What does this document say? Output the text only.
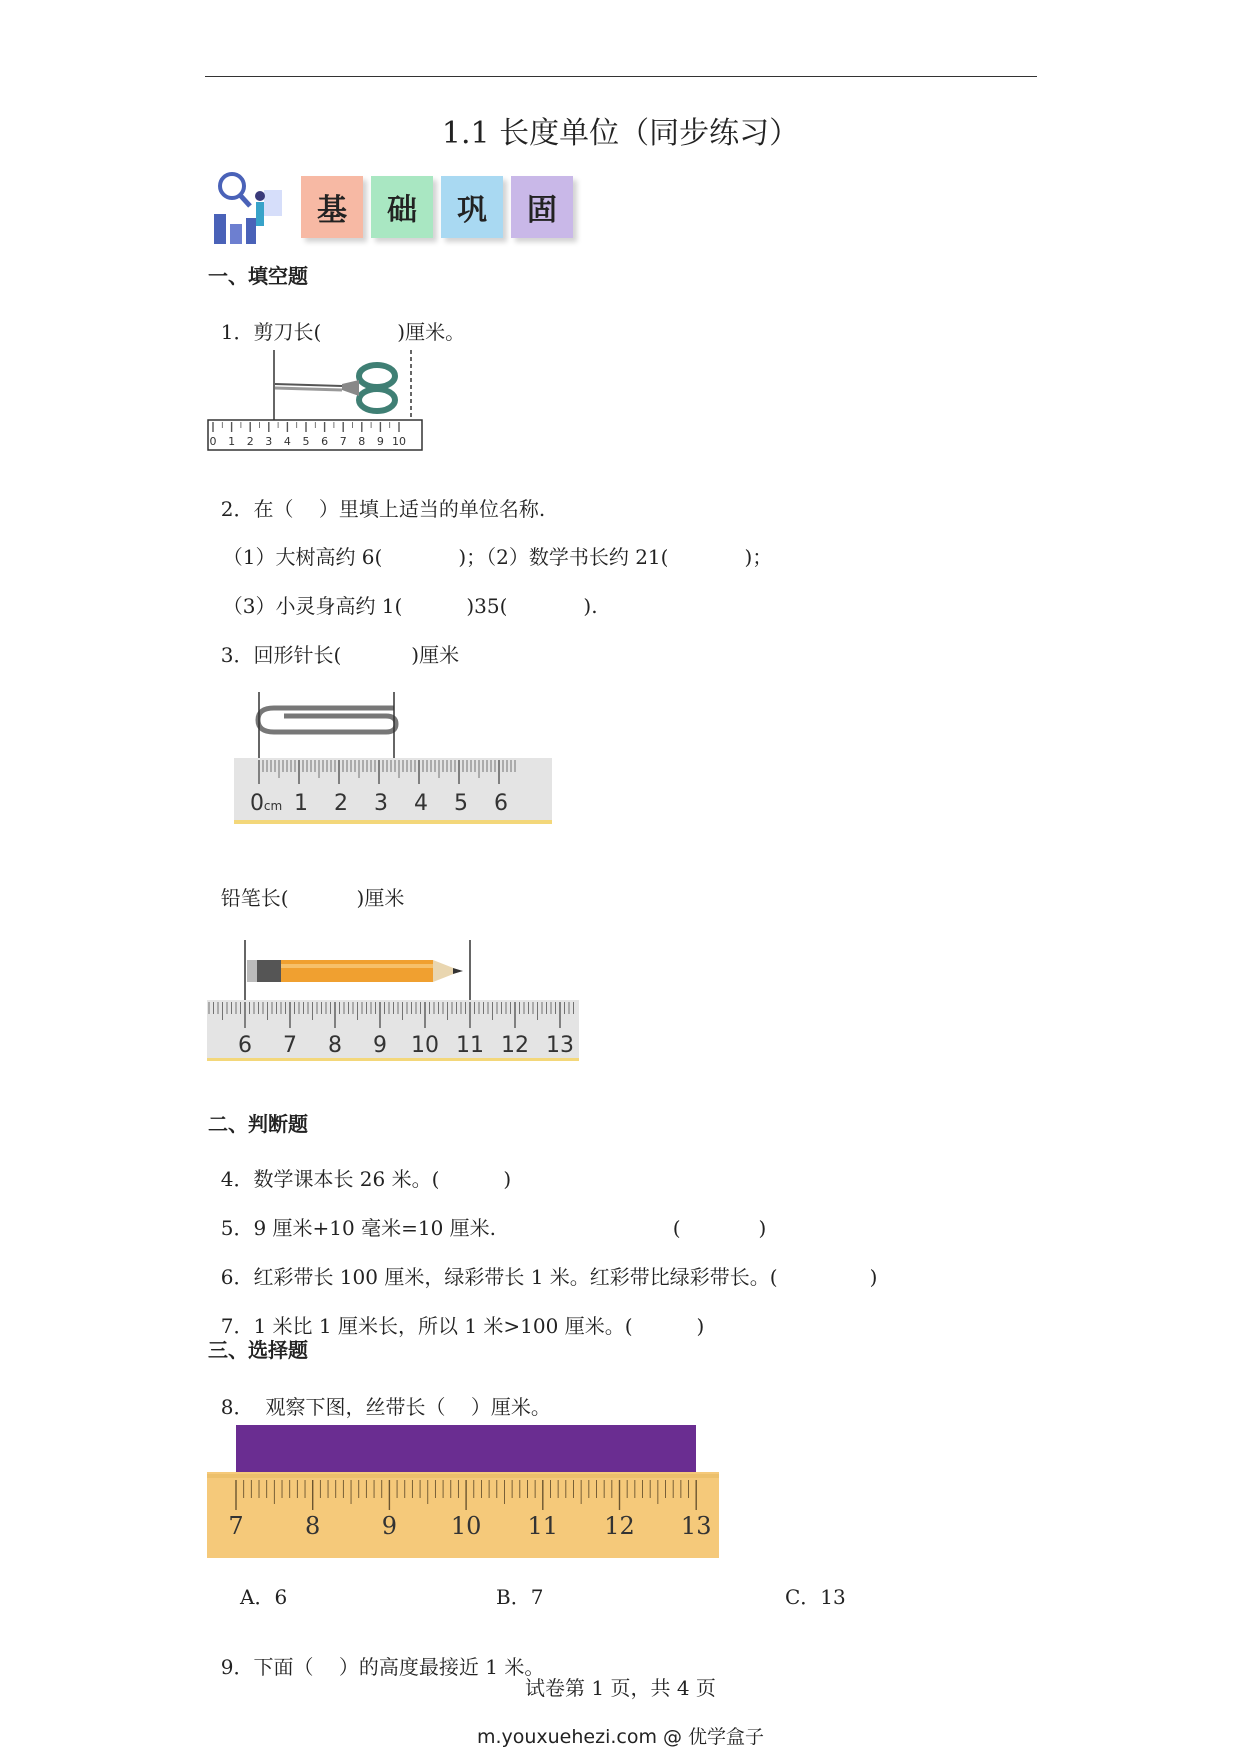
1.1 长度单位（同步练习）
基	础	巩	固
一、填空题

1．剪刀长(	)厘米。

0 1 2 3 4 5 6 7 8 9 10

2．在（    ）里填上适当的单位名称.

（1）大树高约 6(	)；（2）数学书长约 21(	)；

（3）小灵身高约 1(	)35(	).

3．回形针长(	)厘米

0 cm 1 2 3 4 5 6

铅笔长(	)厘米

6 7 8 9 10 11 12 13
二、判断题

4．数学课本长 26 米。(	)

5．9 厘米+10 毫米=10 厘米.	(	)

6．红彩带长 100 厘米，绿彩带长 1 米。红彩带比绿彩带长。(	)

7．1 米比 1 厘米长，所以 1 米>100 厘米。(	)

三、选择题

8． 观察下图，丝带长（    ）厘米。

7	8	9 10 11 12 13
A．6	B．7	C．13

9．下面（    ）的高度最接近 1 米。

试卷第 1 页，共 4 页
m.youxuehezi.com @ 优学盒子
